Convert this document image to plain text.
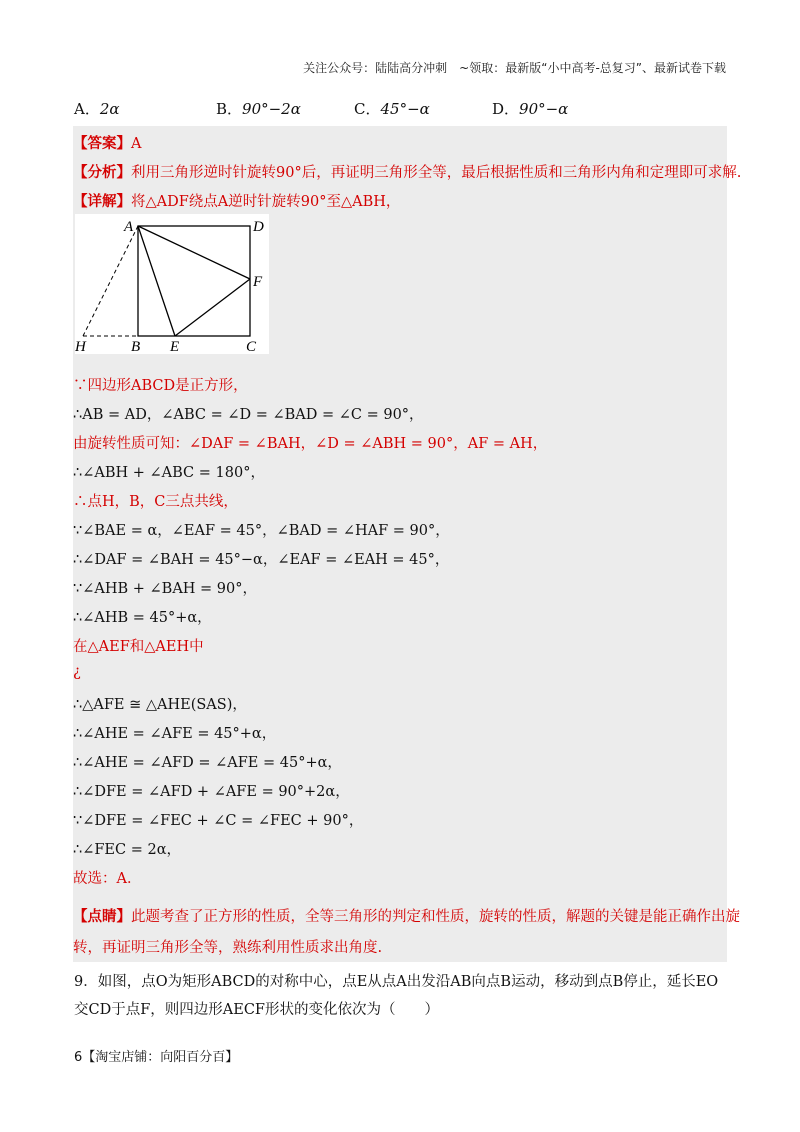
关注公众号：陆陆高分冲刺　~领取：最新版“小中高考-总复习”、最新试卷下载
A．2α	B．90°−2α	C．45°−α	D．90°−α
【答案】A
【分析】利用三角形逆时针旋转90°后，再证明三角形全等，最后根据性质和三角形内角和定理即可求解.
【详解】将△ADF绕点A逆时针旋转90°至△ABH，
A	D
F
H	B E	C
∵四边形ABCD是正方形，
∴AB = AD，∠ABC = ∠D = ∠BAD = ∠C = 90°，
由旋转性质可知：∠DAF = ∠BAH，∠D = ∠ABH = 90°，AF = AH，
∴∠ABH + ∠ABC = 180°，
∴点H，B，C三点共线，
∵∠BAE = α，∠EAF = 45°，∠BAD = ∠HAF = 90°，
∴∠DAF = ∠BAH = 45°−α，∠EAF = ∠EAH = 45°，
∵∠AHB + ∠BAH = 90°，
∴∠AHB = 45°+α，
在△AEF和△AEH中
¿
∴△AFE ≅ △AHE(SAS)，
∴∠AHE = ∠AFE = 45°+α，
∴∠AHE = ∠AFD = ∠AFE = 45°+α，
∴∠DFE = ∠AFD + ∠AFE = 90°+2α，
∵∠DFE = ∠FEC + ∠C = ∠FEC + 90°，
∴∠FEC = 2α，
故选：A．
【点睛】此题考查了正方形的性质，全等三角形的判定和性质，旋转的性质，解题的关键是能正确作出旋
转，再证明三角形全等，熟练利用性质求出角度.
9．如图，点O为矩形ABCD的对称中心，点E从点A出发沿AB向点B运动，移动到点B停止，延长EO
交CD于点F，则四边形AECF形状的变化依次为（　　）
6【淘宝店铺：向阳百分百】
